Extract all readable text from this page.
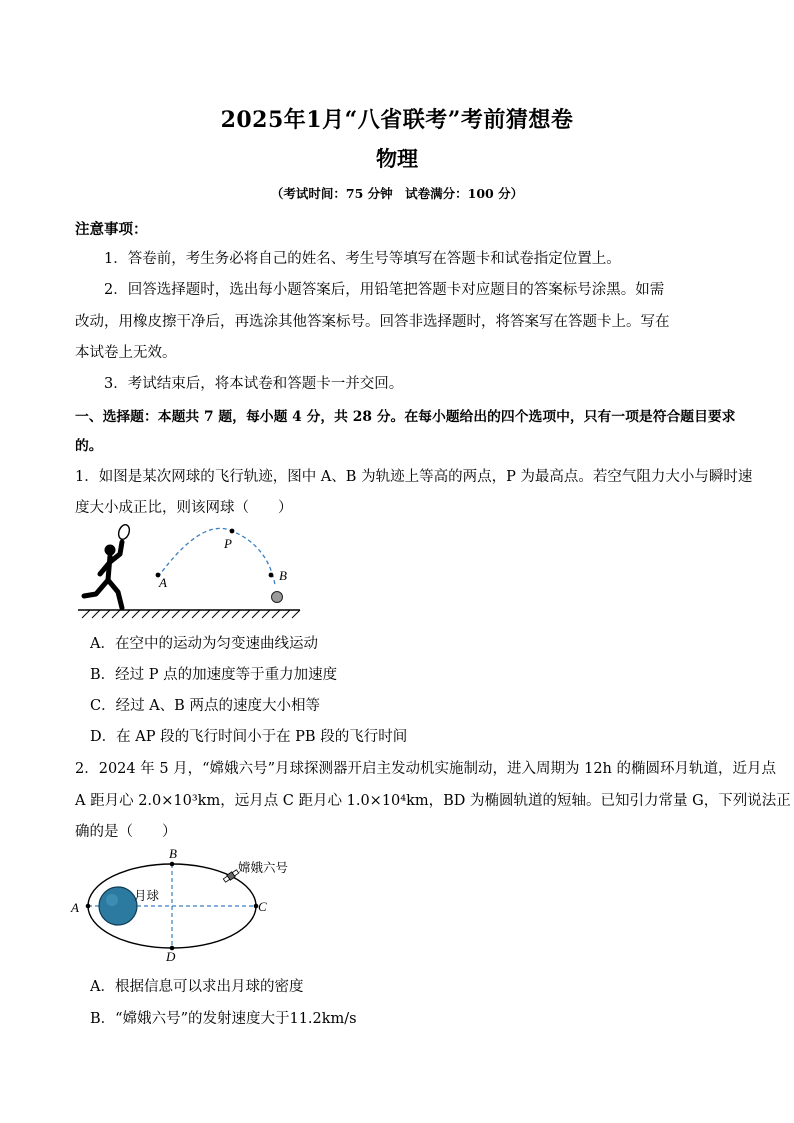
2025年1月“八省联考”考前猜想卷
物理
（考试时间：75 分钟　试卷满分：100 分）
注意事项：
1．答卷前，考生务必将自己的姓名、考生号等填写在答题卡和试卷指定位置上。
2．回答选择题时，选出每小题答案后，用铅笔把答题卡对应题目的答案标号涂黑。如需
改动，用橡皮擦干净后，再选涂其他答案标号。回答非选择题时，将答案写在答题卡上。写在
本试卷上无效。
3．考试结束后，将本试卷和答题卡一并交回。
一、选择题：本题共 7 题，每小题 4 分，共 28 分。在每小题给出的四个选项中，只有一项是符合题目要求
的。
1．如图是某次网球的飞行轨迹，图中 A、B 为轨迹上等高的两点，P 为最高点。若空气阻力大小与瞬时速
度大小成正比，则该网球（　　）
A
P
B
A．在空中的运动为匀变速曲线运动
B．经过 P 点的加速度等于重力加速度
C．经过 A、B 两点的速度大小相等
D．在 AP 段的飞行时间小于在 PB 段的飞行时间
2．2024 年 5 月，“嫦娥六号”月球探测器开启主发动机实施制动，进入周期为 12h 的椭圆环月轨道，近月点
A 距月心 2.0×10³km，远月点 C 距月心 1.0×10⁴km，BD 为椭圆轨道的短轴。已知引力常量 G，下列说法正
确的是（　　）
A
B
C
D
月球
嫦娥六号
A．根据信息可以求出月球的密度
B．“嫦娥六号”的发射速度大于11.2km/s
